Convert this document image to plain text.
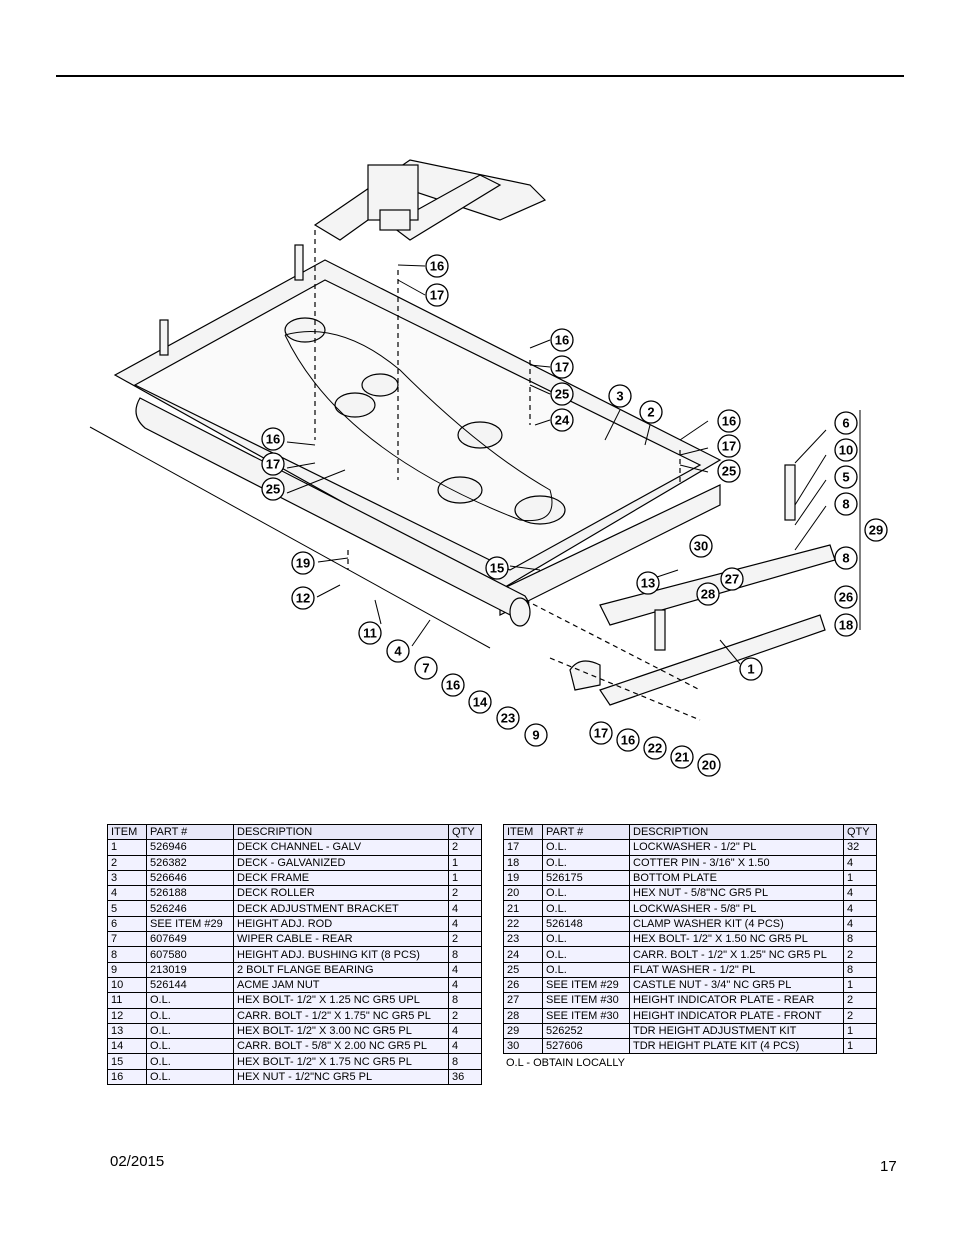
16
17
16
17
25
24
3
2
16
17
25
6
10
5
8
29
8
26
18
16
17
25
19
12
11
4
7
16
14
23
9	17 16
22
21
20
15
13
30
27
28
1
ITEM	PART #	DESCRIPTION	QTY
1	526946	DECK CHANNEL - GALV	2
2	526382	DECK - GALVANIZED	1
3	526646	DECK FRAME	1
4	526188	DECK ROLLER	2
5	526246	DECK ADJUSTMENT BRACKET	4
6	SEE ITEM #29	HEIGHT ADJ. ROD	4
7	607649	WIPER CABLE - REAR	2
8	607580	HEIGHT ADJ. BUSHING KIT (8 PCS)	8
9	213019	2 BOLT FLANGE BEARING	4
10	526144	ACME JAM NUT	4
11	O.L.	HEX BOLT- 1/2" X 1.25 NC GR5 UPL	8
12	O.L.	CARR. BOLT - 1/2" X 1.75" NC GR5 PL	2
13	O.L.	HEX BOLT- 1/2" X 3.00 NC GR5 PL	4
14	O.L.	CARR. BOLT - 5/8" X 2.00 NC GR5 PL	4
15	O.L.	HEX BOLT- 1/2" X 1.75 NC GR5 PL	8
16	O.L.	HEX NUT - 1/2"NC GR5 PL	36
ITEM	PART #	DESCRIPTION	QTY
17	O.L.	LOCKWASHER - 1/2" PL	32
18	O.L.	COTTER PIN - 3/16" X 1.50	4
19	526175	BOTTOM PLATE	1
20	O.L.	HEX NUT - 5/8"NC GR5 PL	4
21	O.L.	LOCKWASHER - 5/8" PL	4
22	526148	CLAMP WASHER KIT (4 PCS)	4
23	O.L.	HEX BOLT- 1/2" X 1.50 NC GR5 PL	8
24	O.L.	CARR. BOLT - 1/2" X 1.25" NC GR5 PL	2
25	O.L.	FLAT WASHER - 1/2" PL	8
26	SEE ITEM #29	CASTLE NUT - 3/4" NC GR5 PL	1
27	SEE ITEM #30	HEIGHT INDICATOR PLATE - REAR	2
28	SEE ITEM #30	HEIGHT INDICATOR PLATE - FRONT	2
29	526252	TDR HEIGHT ADJUSTMENT KIT	1
30	527606	TDR HEIGHT PLATE KIT (4 PCS)	1
O.L - OBTAIN LOCALLY
02/2015	17
